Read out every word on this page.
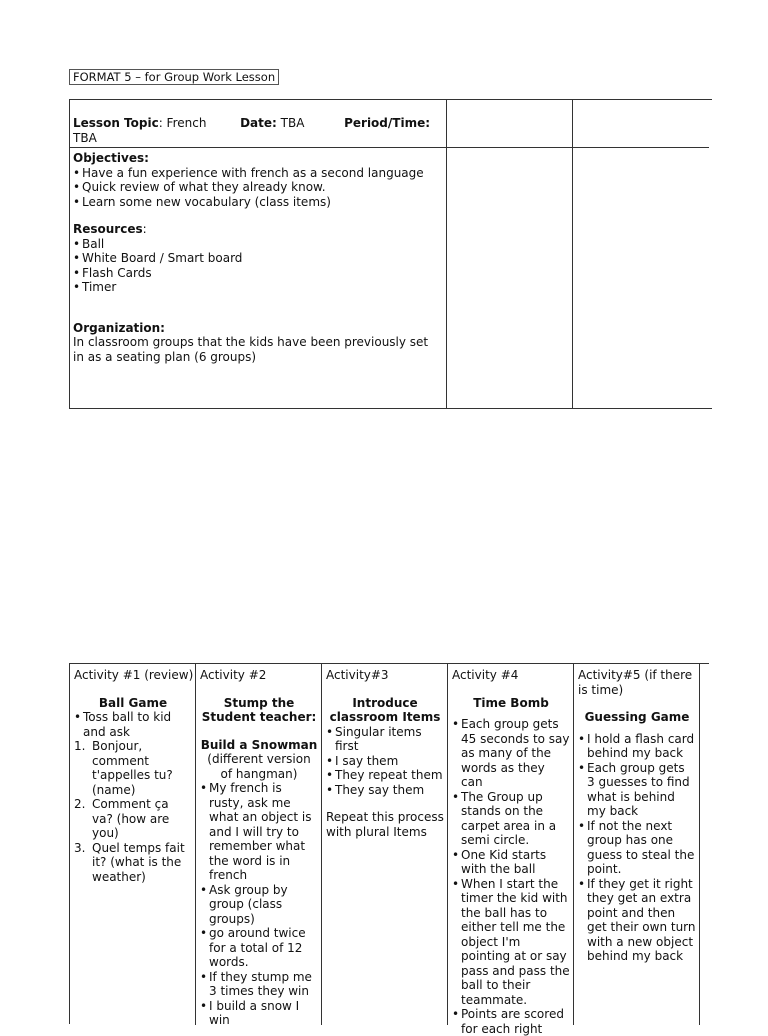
FORMAT 5 – for Group Work Lesson
Lesson Topic: French	Date: TBA	Period/Time:
TBA
Objectives:
• Have a fun experience with french as a second language
• Quick review of what they already know.
• Learn some new vocabulary (class items)
Resources:
• Ball
• White Board / Smart board
• Flash Cards
• Timer
Organization:
In classroom groups that the kids have been previously set in as a seating plan (6 groups)
Activity #1 (review)
Ball Game
• Toss ball to kid and ask
Bonjour, comment t'appelles tu? (name)
Comment ça va? (how are you)
Quel temps fait it? (what is the weather)
Activity #2
Stump the
Student teacher:
Build a Snowman
(different version of hangman)
• My french is rusty, ask me what an object is and I will try to remember what the word is in french
• Ask group by group (class groups)
• go around twice for a total of 12 words.
• If they stump me 3 times they win
• I build a snow I win
Activity#3
Introduce
classroom Items
• Singular items first
• I say them
• They repeat them
• They say them
Repeat this process with plural Items
Activity #4
Time Bomb
• Each group gets 45 seconds to say as many of the words as they can
• The Group up stands on the carpet area in a semi circle.
• One Kid starts with the ball
• When I start the timer the kid with the ball has to either tell me the object I'm pointing at or say pass and pass the ball to their teammate.
• Points are scored for each right
Activity#5 (if there is time)
Guessing Game
• I hold a flash card behind my back
• Each group gets 3 guesses to find what is behind my back
• If not the next group has one guess to steal the point.
• If they get it right they get an extra point and then get their own turn with a new object behind my back
